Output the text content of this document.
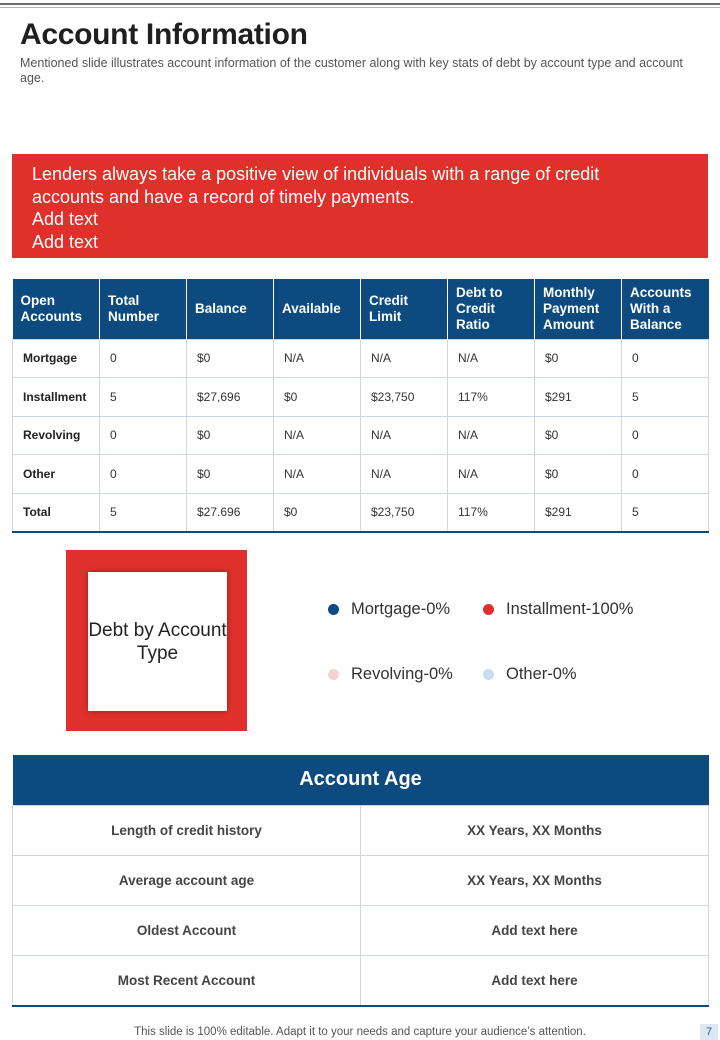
Account Information

Mentioned slide illustrates account information of the customer along with key stats of debt by account type and account age.

Lenders always take a positive view of individuals with a range of credit
accounts and have a record of timely payments.
Add text
Add text
Open Accounts	Total Number	Balance	Available	Credit Limit	Debt to Credit Ratio	Monthly Payment Amount	Accounts With a Balance
Mortgage	0	$0	N/A	N/A	N/A	$0	0
Installment	5	$27,696	$0	$23,750	117%	$291	5
Revolving	0	$0	N/A	N/A	N/A	$0	0
Other	0	$0	N/A	N/A	N/A	$0	0
Total	5	$27.696	$0	$23,750	117%	$291	5
Debt by Account Type
Mortgage-0%	Installment-100%
Revolving-0%	Other-0%
Account Age	
Length of credit history	XX Years, XX Months
Average account age	XX Years, XX Months
Oldest Account	Add text here
Most Recent Account	Add text here
This slide is 100% editable. Adapt it to your needs and capture your audience’s attention.	7
